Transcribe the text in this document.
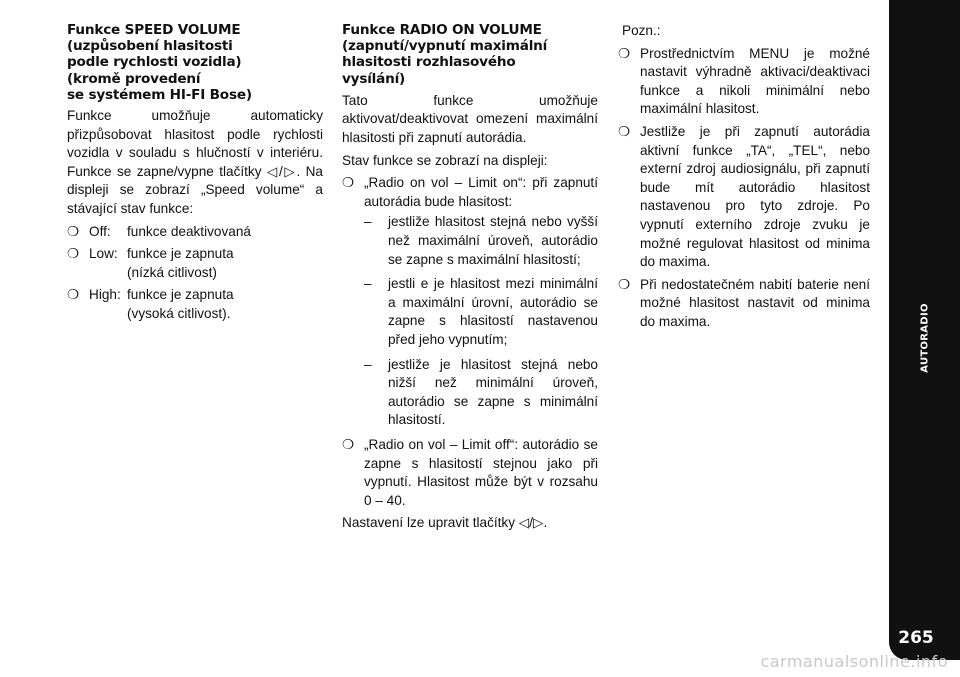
Funkce SPEED VOLUME
(uzpůsobení hlasitosti
podle rychlosti vozidla)
(kromě provedení
se systémem HI-FI Bose)

Funkce umožňuje automaticky přizpůsobovat hlasitost podle rychlosti vozidla v souladu s hlučností v interiéru. Funkce se zapne/vypne tlačítky ◁/▷. Na displeji se zobrazí „Speed volume“ a stávající stav funkce:

❍ Off:	funkce deaktivovaná
❍ Low: funkce je zapnuta
(nízká citlivost)
❍ High: funkce je zapnuta
(vysoká citlivost).
Funkce RADIO ON VOLUME
(zapnutí/vypnutí maximální
hlasitosti rozhlasového
vysílání)

Tato funkce umožňuje aktivovat/deaktivovat omezení maximální hlasitosti při zapnutí autorádia.

Stav funkce se zobrazí na displeji:

❍ „Radio on vol – Limit on“: při zapnutí autorádia bude hlasitost:
– jestliže hlasitost stejná nebo vyšší než maximální úroveň, autorádio se zapne s maximální hlasitostí;
– jestli e je hlasitost mezi minimální a maximální úrovní, autorádio se zapne s hlasitostí nastavenou před jeho vypnutím;
– jestliže je hlasitost stejná nebo nižší než minimální úroveň, autorádio se zapne s minimální hlasitostí.
❍ „Radio on vol – Limit off“: autorádio se zapne s hlasitostí stejnou jako při vypnutí. Hlasitost může být v rozsahu 0 – 40.

Nastavení lze upravit tlačítky ◁/▷.

Pozn.:

❍ Prostřednictvím MENU je možné nastavit výhradně aktivaci/deaktivaci funkce a nikoli minimální nebo maximální hlasitost.
❍ Jestliže je při zapnutí autorádia aktivní funkce „TA“, „TEL“, nebo externí zdroj audiosignálu, při zapnutí bude mít autorádio hlasitost nastavenou pro tyto zdroje. Po vypnutí externího zdroje zvuku je možné regulovat hlasitost od minima do maxima.
❍ Při nedostatečném nabití baterie není možné hlasitost nastavit od minima do maxima.	AUTORADIO
265
carmanualsonline.info
